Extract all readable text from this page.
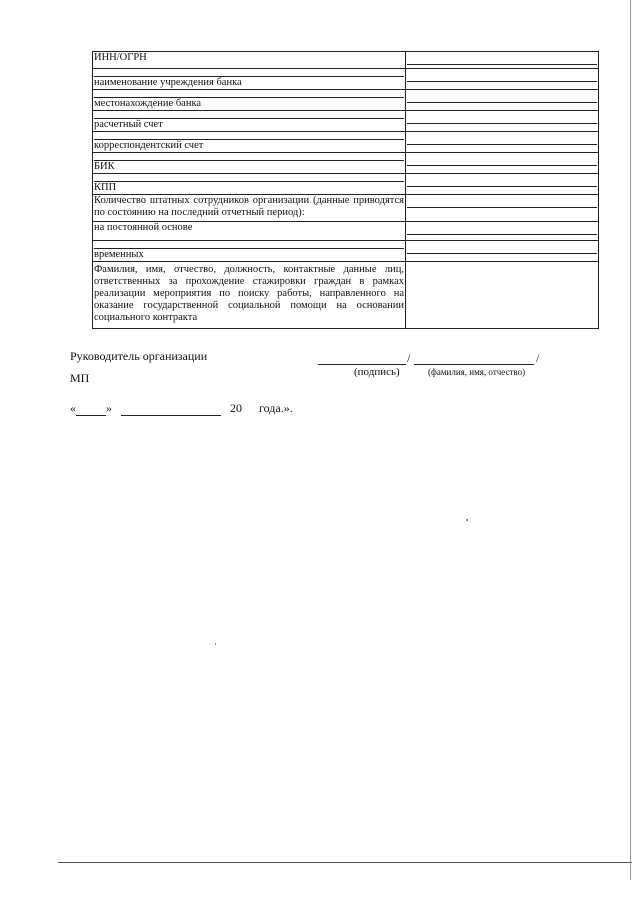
ИНН/ОГРН	

наименование учреждения банка	

местонахождение банка	

расчетный счет	

корреспондентский счет	

БИК	

КПП	

Количество штатных сотрудников организации (данные приводятся по состоянию на последний отчетный период):	

на постоянной основе	

временных	

Фамилия, имя, отчество, должность, контактные данные лиц, ответственных за прохождение стажировки граждан в рамках реализации мероприятия по поиску работы, направленного на оказание государственной социальной помощи на основании социального контракта	
Руководитель организации	/	/
(подпись)	(фамилия, имя, отчество)
МП
«	»	20 года.».
